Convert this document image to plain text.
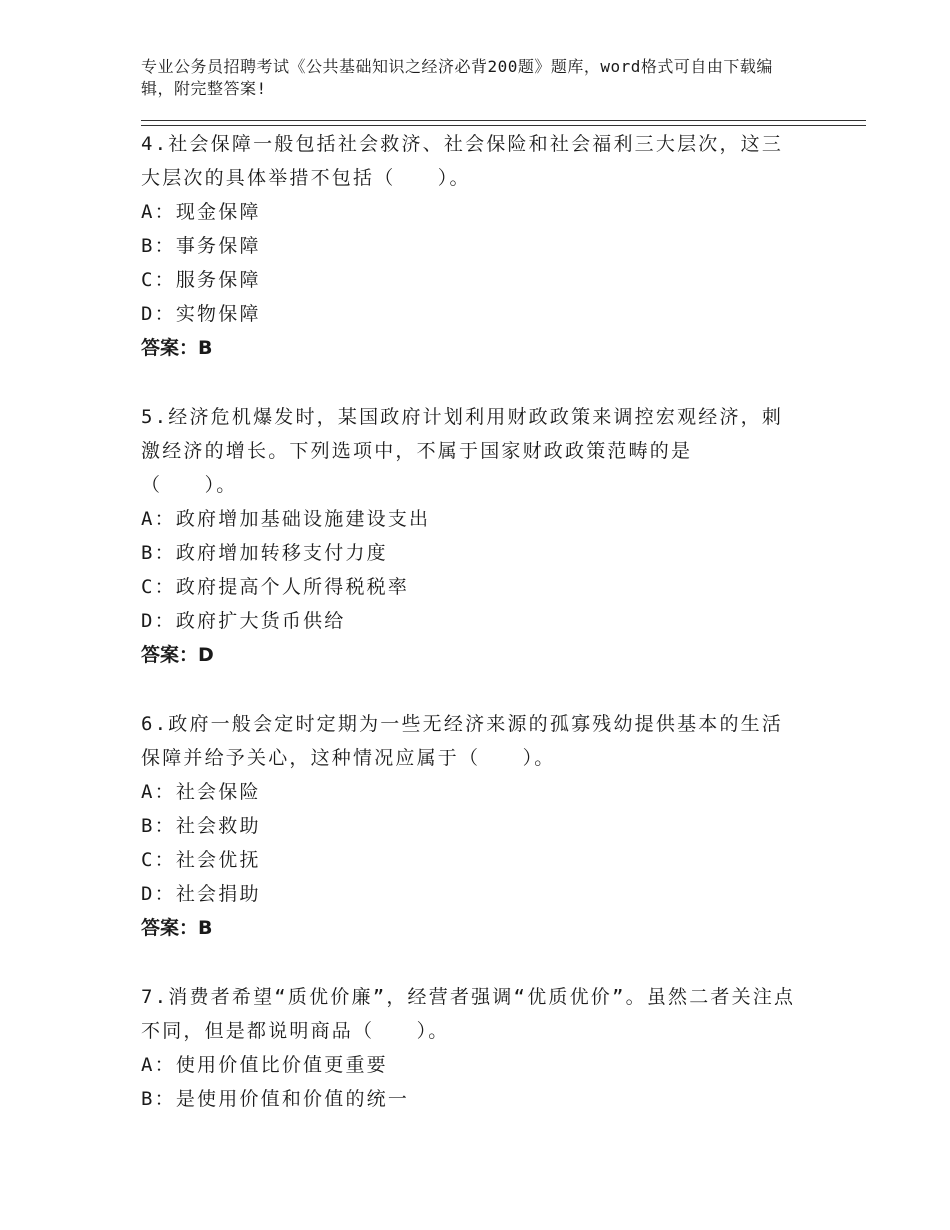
专业公务员招聘考试《公共基础知识之经济必背200题》题库，word格式可自由下载编辑，附完整答案!

4.社会保障一般包括社会救济、社会保险和社会福利三大层次，这三大层次的具体举措不包括（　　）。

A：现金保障

B：事务保障

C：服务保障

D：实物保障

答案：B

5.经济危机爆发时，某国政府计划利用财政政策来调控宏观经济，刺激经济的增长。下列选项中，不属于国家财政政策范畴的是

（　　）。

A：政府增加基础设施建设支出

B：政府增加转移支付力度

C：政府提高个人所得税税率

D：政府扩大货币供给

答案：D

6.政府一般会定时定期为一些无经济来源的孤寡残幼提供基本的生活保障并给予关心，这种情况应属于（　　）。

A：社会保险

B：社会救助

C：社会优抚

D：社会捐助

答案：B

7.消费者希望“质优价廉”，经营者强调“优质优价”。虽然二者关注点不同，但是都说明商品（　　）。

A：使用价值比价值更重要

B：是使用价值和价值的统一
